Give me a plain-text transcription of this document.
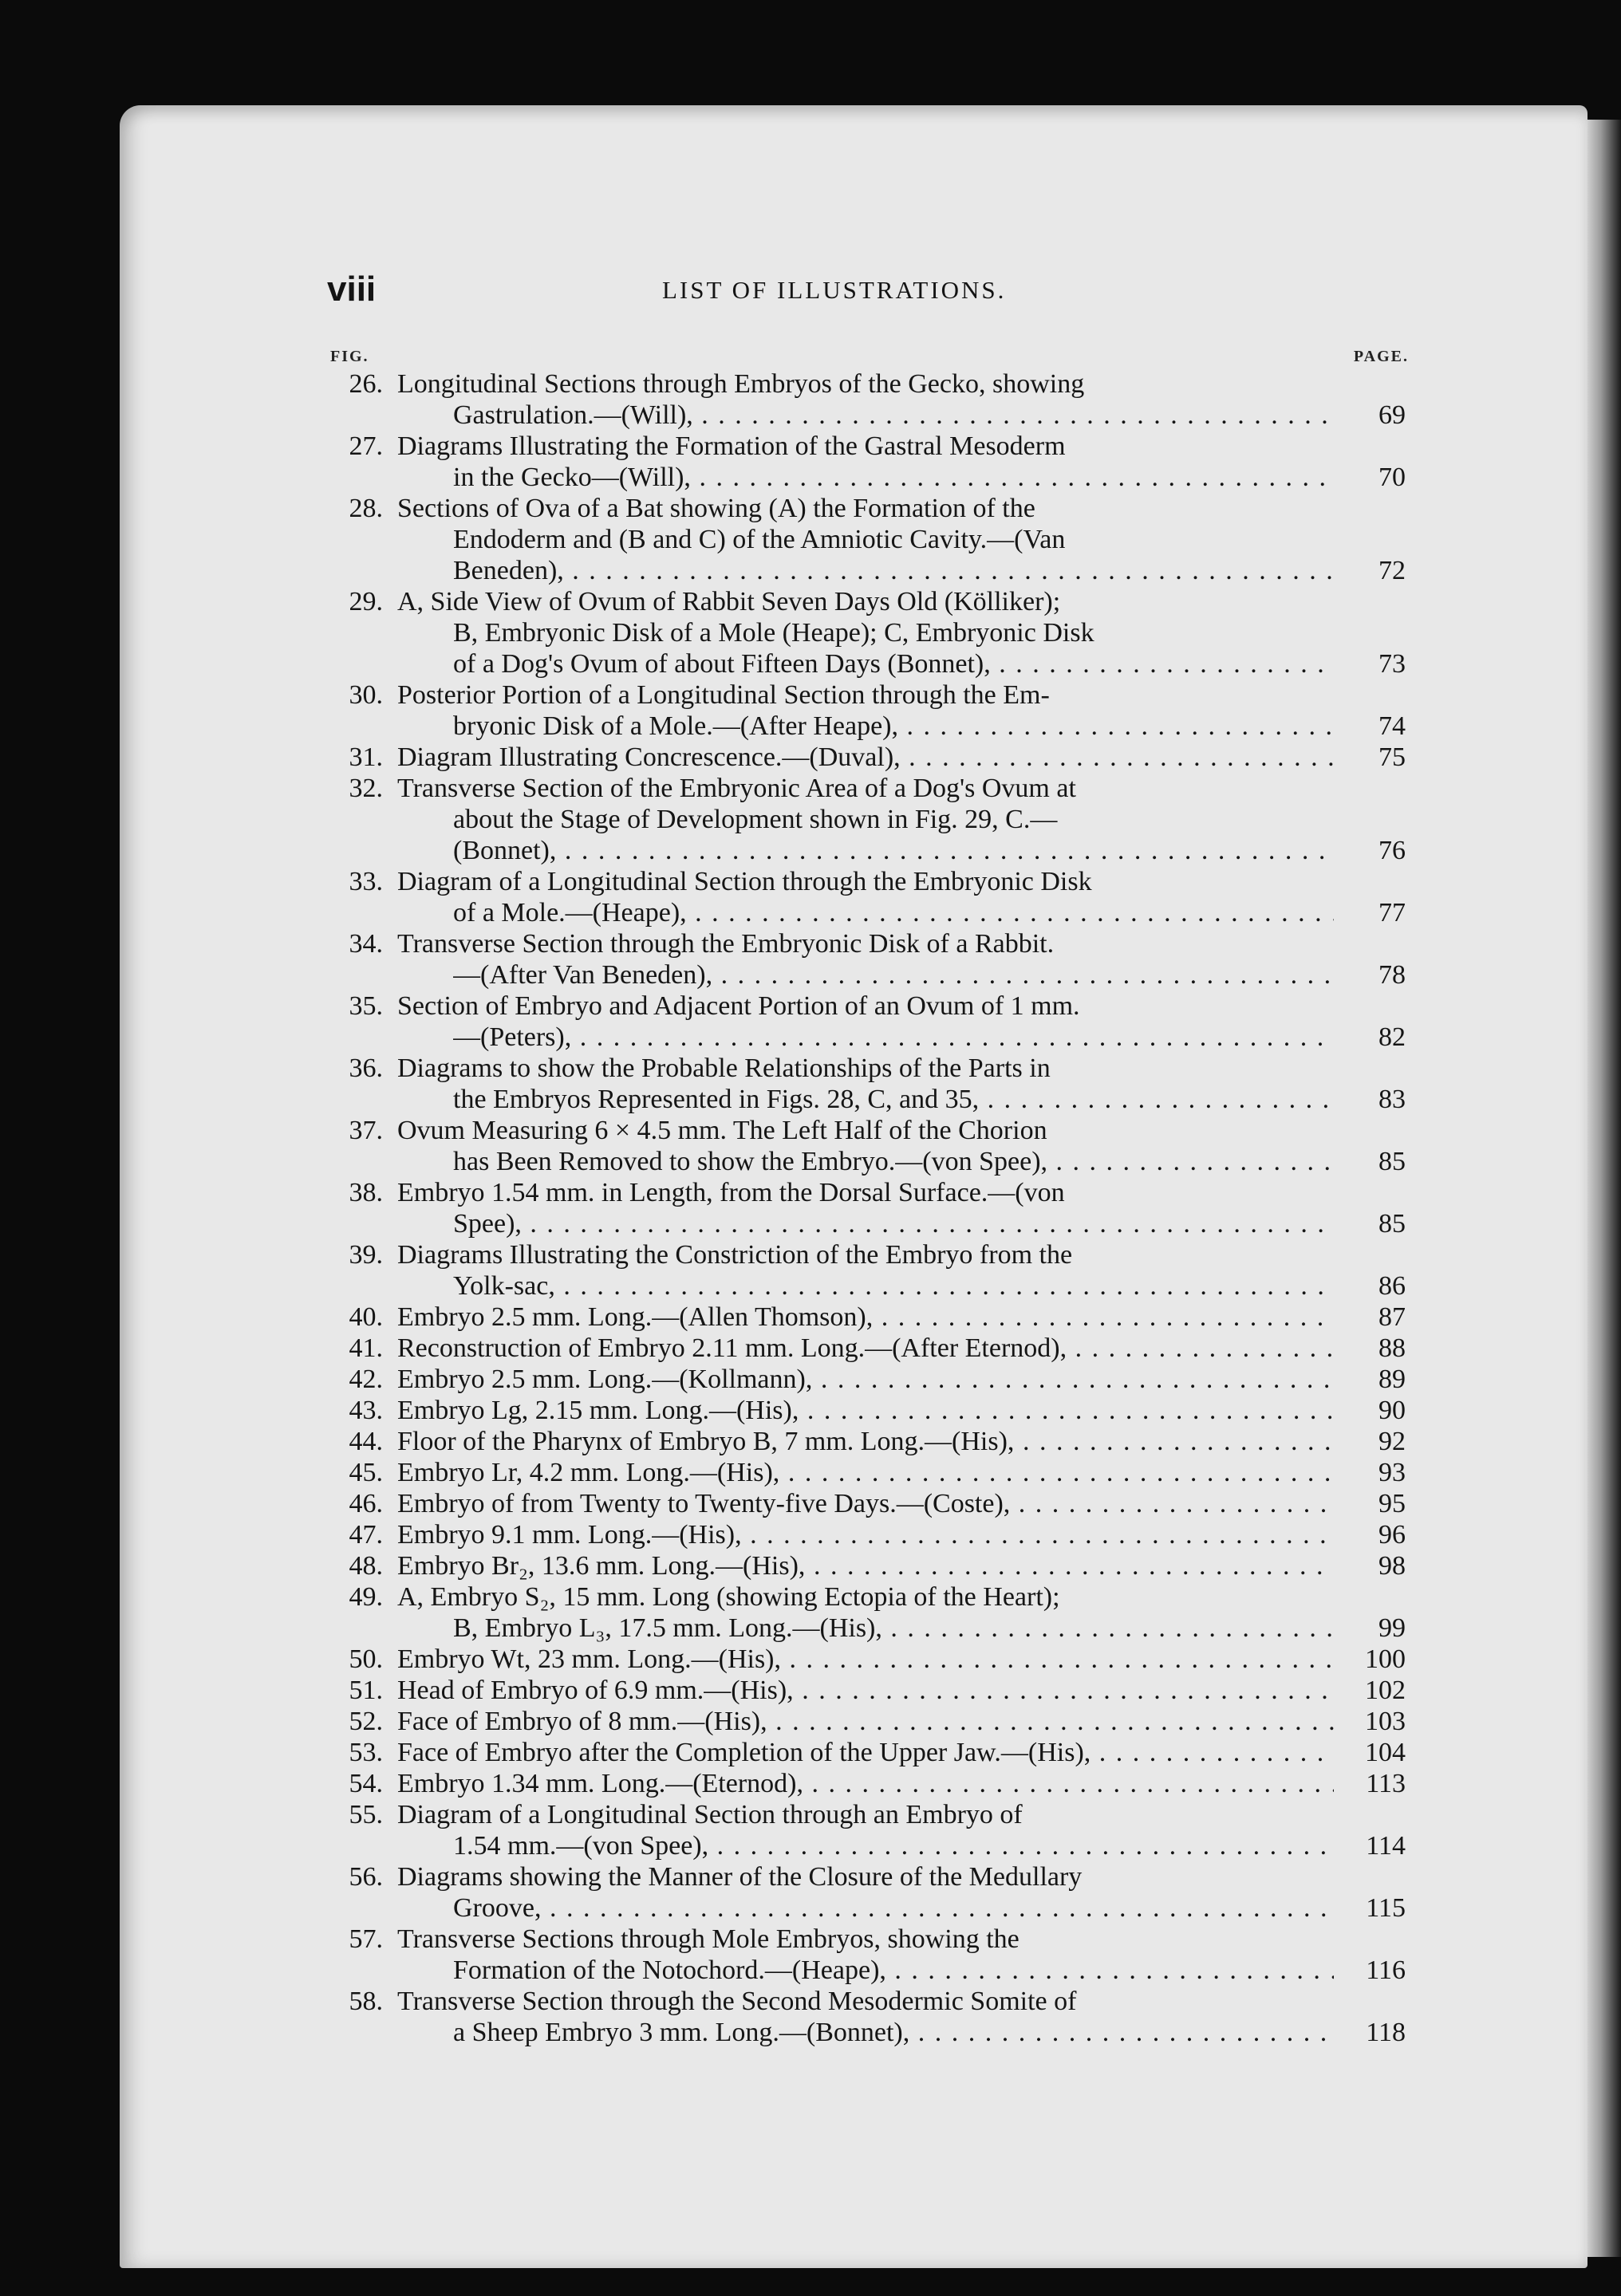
viii	LIST OF ILLUSTRATIONS.
FIG.	PAGE.
26. Longitudinal Sections through Embryos of the Gecko, showing
Gastrulation.—(Will), . . .	69
27. Diagrams Illustrating the Formation of the Gastral Mesoderm
in the Gecko—(Will), . . .	70
28. Sections of Ova of a Bat showing (A) the Formation of the
Endoderm and (B and C) of the Amniotic Cavity.—(Van
Beneden), . . .	72
29. A, Side View of Ovum of Rabbit Seven Days Old (Kölliker);
B, Embryonic Disk of a Mole (Heape); C, Embryonic Disk
of a Dog's Ovum of about Fifteen Days (Bonnet), . . .	73
30. Posterior Portion of a Longitudinal Section through the Em-
bryonic Disk of a Mole.—(After Heape), . . .	74
31. Diagram Illustrating Concrescence.—(Duval), . . .	75
32. Transverse Section of the Embryonic Area of a Dog's Ovum at
about the Stage of Development shown in Fig. 29, C.—
(Bonnet), . . .	76
33. Diagram of a Longitudinal Section through the Embryonic Disk
of a Mole.—(Heape), . . .	77
34. Transverse Section through the Embryonic Disk of a Rabbit.
—(After Van Beneden), . . .	78
35. Section of Embryo and Adjacent Portion of an Ovum of 1 mm.
—(Peters), . . .	82
36. Diagrams to show the Probable Relationships of the Parts in
the Embryos Represented in Figs. 28, C, and 35, . . .	83
37. Ovum Measuring 6 × 4.5 mm. The Left Half of the Chorion
has Been Removed to show the Embryo.—(von Spee), . . .	85
38. Embryo 1.54 mm. in Length, from the Dorsal Surface.—(von
Spee), . . .	85
39. Diagrams Illustrating the Constriction of the Embryo from the
Yolk-sac, . . .	86
40. Embryo 2.5 mm. Long.—(Allen Thomson), . . .	87
41. Reconstruction of Embryo 2.11 mm. Long.—(After Eternod), . . .	88
42. Embryo 2.5 mm. Long.—(Kollmann), . . .	89
43. Embryo Lg, 2.15 mm. Long.—(His), . . .	90
44. Floor of the Pharynx of Embryo B, 7 mm. Long.—(His), . . .	92
45. Embryo Lr, 4.2 mm. Long.—(His), . . .	93
46. Embryo of from Twenty to Twenty-five Days.—(Coste), . . .	95
47. Embryo 9.1 mm. Long.—(His), . . .	96
48. Embryo Br₂, 13.6 mm. Long.—(His), . . .	98
49. A, Embryo S₂, 15 mm. Long (showing Ectopia of the Heart);
B, Embryo L₃, 17.5 mm. Long.—(His), . . .	99
50. Embryo Wt, 23 mm. Long.—(His), . . .	100
51. Head of Embryo of 6.9 mm.—(His), . . .	102
52. Face of Embryo of 8 mm.—(His), . . .	103
53. Face of Embryo after the Completion of the Upper Jaw.—(His), . . .	104
54. Embryo 1.34 mm. Long.—(Eternod), . . .	113
55. Diagram of a Longitudinal Section through an Embryo of
1.54 mm.—(von Spee), . . .	114
56. Diagrams showing the Manner of the Closure of the Medullary
Groove, . . .	115
57. Transverse Sections through Mole Embryos, showing the
Formation of the Notochord.—(Heape), . . .	116
58. Transverse Section through the Second Mesodermic Somite of
a Sheep Embryo 3 mm. Long.—(Bonnet), . . .	118
